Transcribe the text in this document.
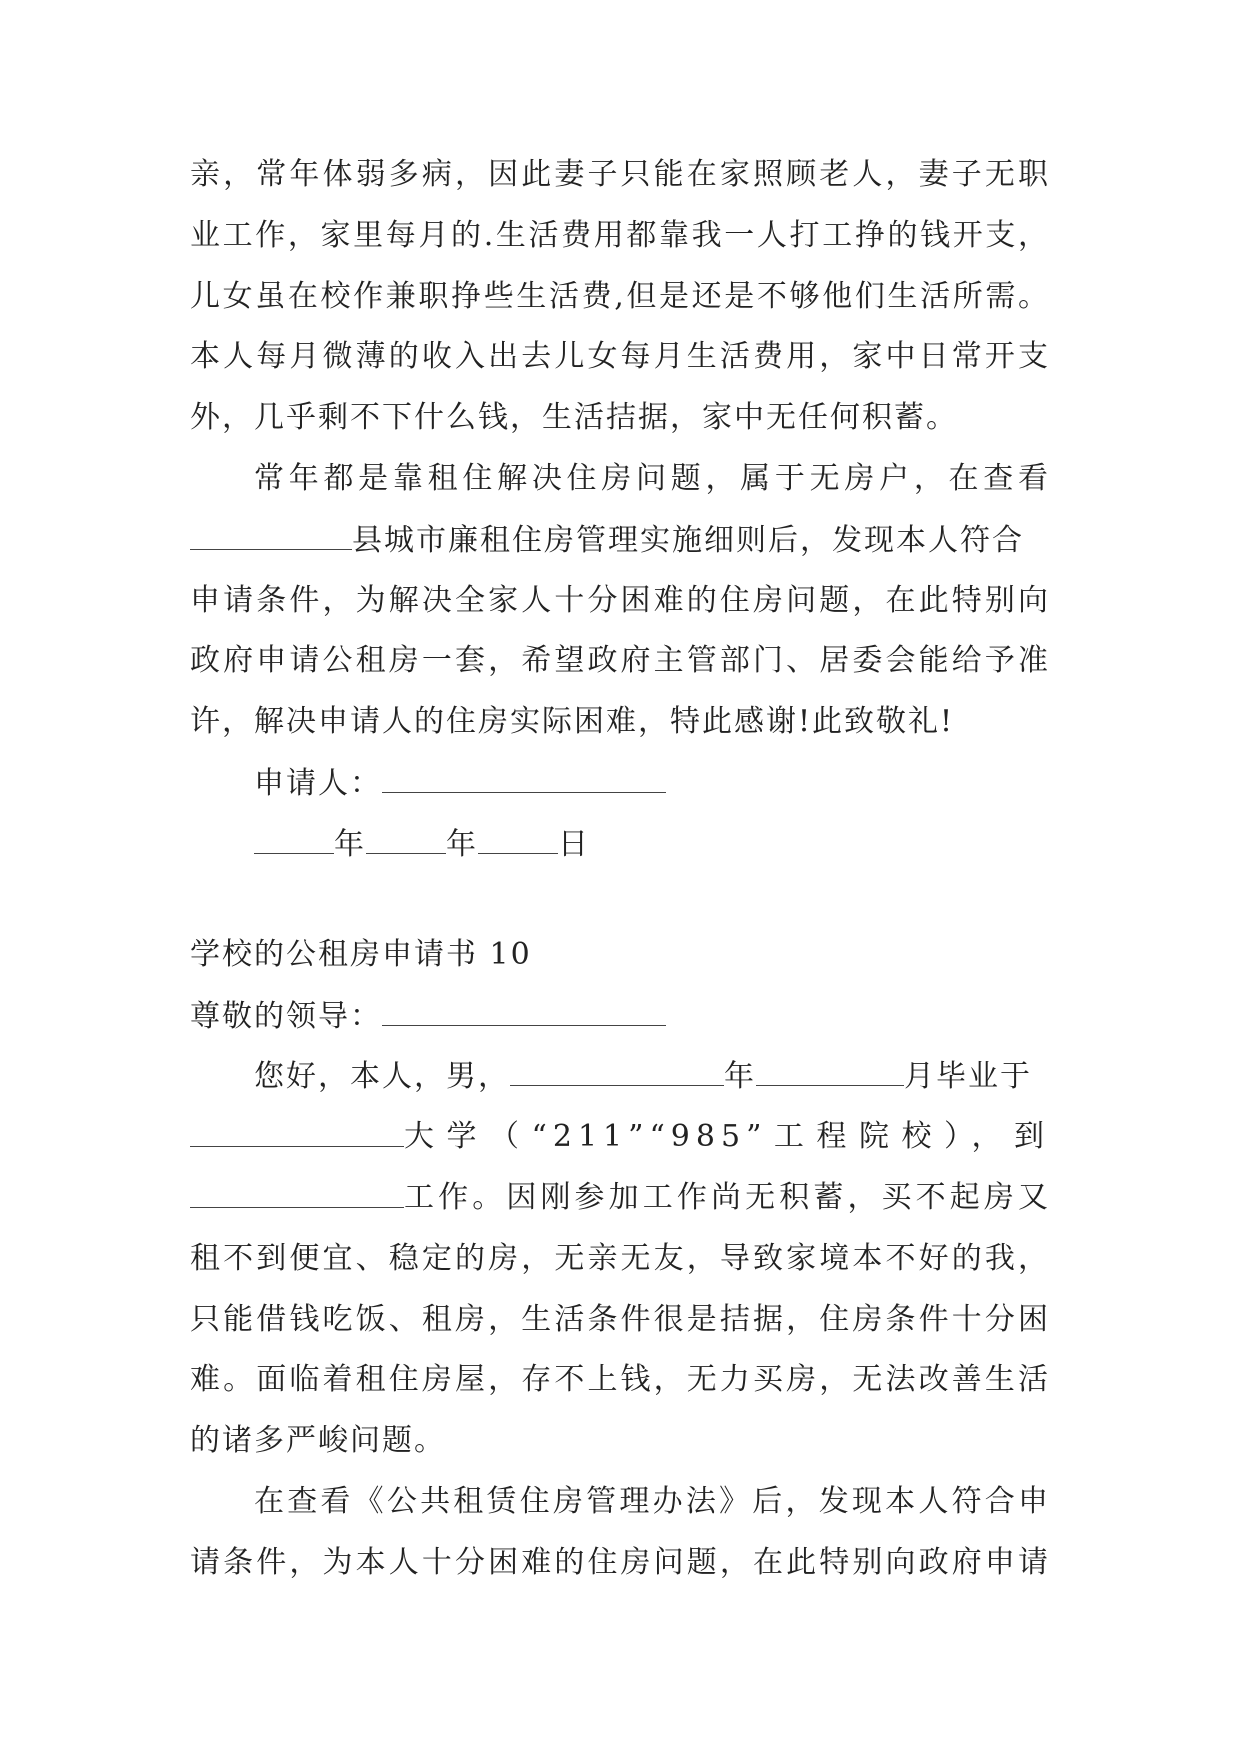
亲，常年体弱多病，因此妻子只能在家照顾老人，妻子无职
业工作，家里每月的.生活费用都靠我一人打工挣的钱开支，
儿女虽在校作兼职挣些生活费,但是还是不够他们生活所需。
本人每月微薄的收入出去儿女每月生活费用，家中日常开支
外，几乎剩不下什么钱，生活拮据，家中无任何积蓄。
常年都是靠租住解决住房问题，属于无房户，在查看
县城市廉租住房管理实施细则后，发现本人符合
申请条件，为解决全家人十分困难的住房问题，在此特别向
政府申请公租房一套，希望政府主管部门、居委会能给予准
许，解决申请人的住房实际困难，特此感谢!此致敬礼!
申请人：
年	年	日
学校的公租房申请书 10
尊敬的领导：
您好，本人，男，	年	月毕业于
大学（“211”“985”工程院校），到
工作。因刚参加工作尚无积蓄，买不起房又
租不到便宜、稳定的房，无亲无友，导致家境本不好的我，
只能借钱吃饭、租房，生活条件很是拮据，住房条件十分困
难。面临着租住房屋，存不上钱，无力买房，无法改善生活
的诸多严峻问题。
在查看《公共租赁住房管理办法》后，发现本人符合申
请条件，为本人十分困难的住房问题，在此特别向政府申请
